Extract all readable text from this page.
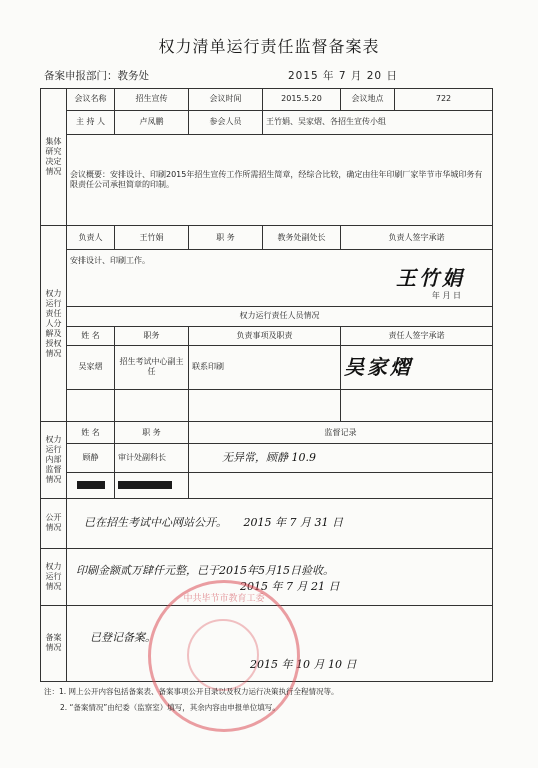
权力清单运行责任监督备案表
备案申报部门：教务处	2015 年 7 月 20 日
集体研究决定情况	会议名称	招生宣传	会议时间	2015.5.20	会议地点	722
	主 持 人	卢凤鹏	参会人员	王竹娟、吴家熠、各招生宣传小组		
	会议概要：安排设计、印刷2015年招生宣传工作所需招生简章，经综合比较，确定由往年印刷厂家毕节市华城印务有限责任公司承担简章的印制。					
权力运行责任人分解及授权情况	负责人	王竹娟	职 务	教务处副处长	负责人签字承诺	

	安排设计、印刷工作。
王竹娟
年 月 日					

	权力运行责任人员情况					
	姓 名	职务	负责事项及职责		责任人签字承诺	
	吴家熠	招生考试中心副主任	联系印刷		吴家熠	

权力运行内部监督情况	姓 名	职 务	监督记录			
	顾静	审计处副科长	无异常，顾静 10.9			

公开情况	已在招生考试中心网站公开。 2015 年 7 月 31 日					
权力运行情况	印刷金额贰万肆仟元整，已于2015年5月15日验收。
2015 年 7 月 21 日					

备案情况	已登记备案。
2015 年 10 月 10 日					
中共毕节市教育工委
注：1. 网上公开内容包括备案表、备案事项公开目录以及权力运行决策执行全程情况等。
2. “备案情况”由纪委（监察室）填写，其余内容由申报单位填写。
